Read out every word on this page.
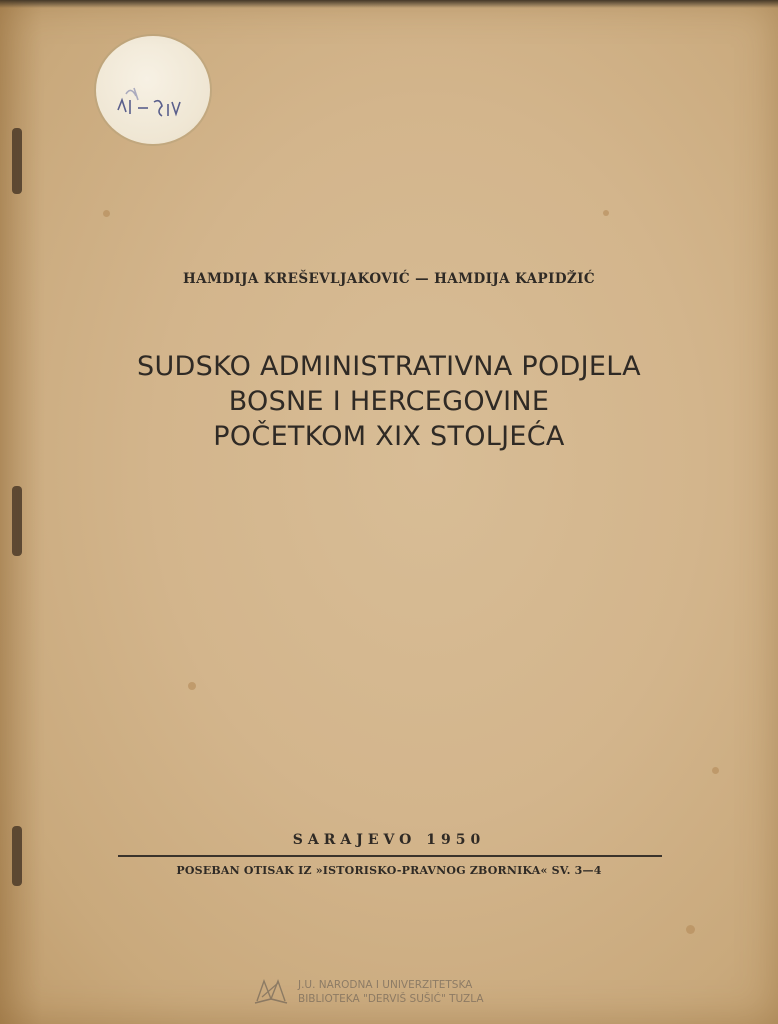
HAMDIJA KREŠEVLJAKOVIĆ — HAMDIJA KAPIDŽIĆ
SUDSKO ADMINISTRATIVNA PODJELA
BOSNE I HERCEGOVINE
POČETKOM XIX STOLJEĆA
SARAJEVO 1950
POSEBAN OTISAK IZ »ISTORISKO-PRAVNOG ZBORNIKA« SV. 3—4
J.U. NARODNA I UNIVERZITETSKA
BIBLIOTEKA "DERVIŠ SUŠIĆ" TUZLA
